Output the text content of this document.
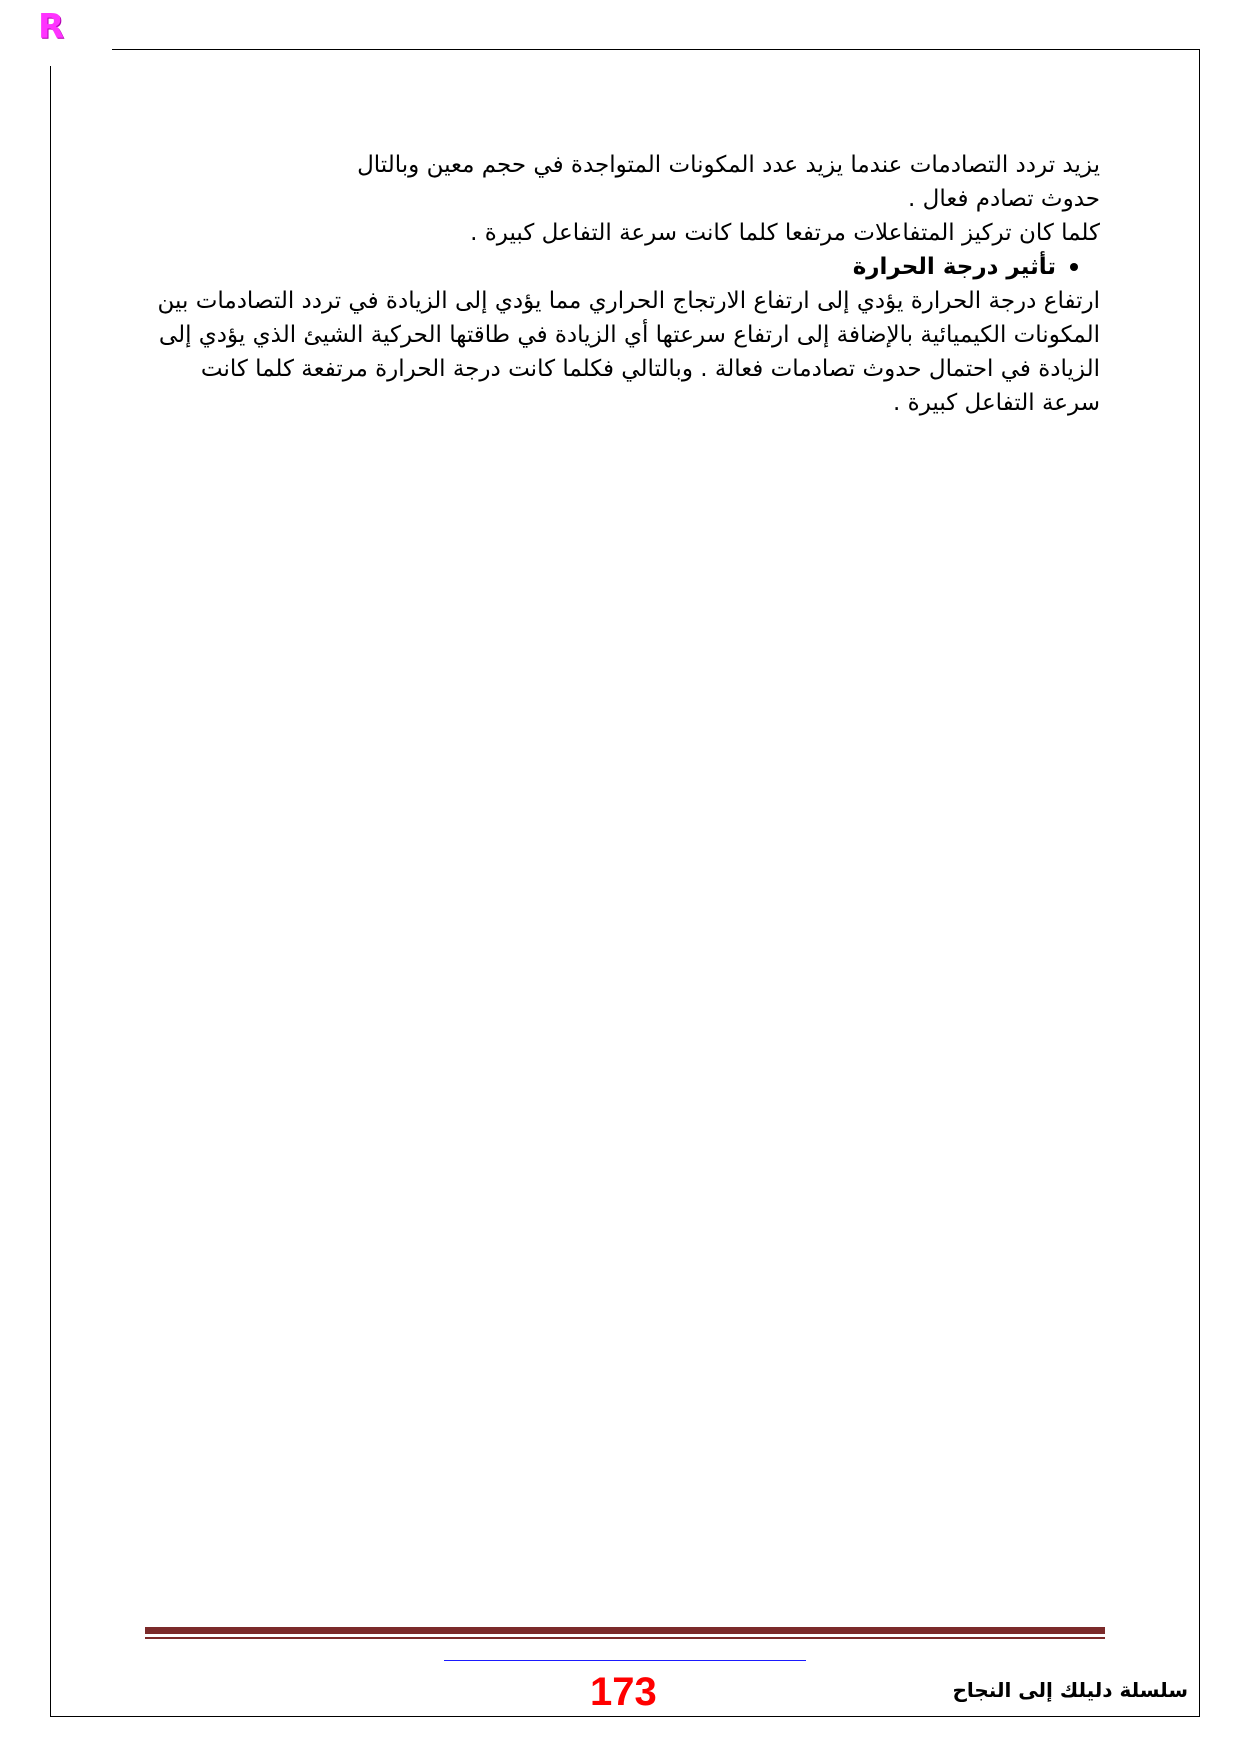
R

يزيد تردد التصادمات عندما يزيد عدد المكونات المتواجدة في حجم معين وبالتال

حدوث تصادم فعال .

كلما كان تركيز المتفاعلات مرتفعا كلما كانت سرعة التفاعل كبيرة .

تأثير درجة الحرارة

ارتفاع درجة الحرارة يؤدي إلى ارتفاع الارتجاج الحراري مما يؤدي إلى الزيادة في تردد التصادمات بين المكونات الكيميائية بالإضافة إلى ارتفاع سرعتها أي الزيادة في طاقتها الحركية الشيئ الذي يؤدي إلى الزيادة في احتمال حدوث تصادمات فعالة . وبالتالي فكلما كانت درجة الحرارة مرتفعة كلما كانت سرعة التفاعل كبيرة .

173	سلسلة دليلك إلى النجاح
